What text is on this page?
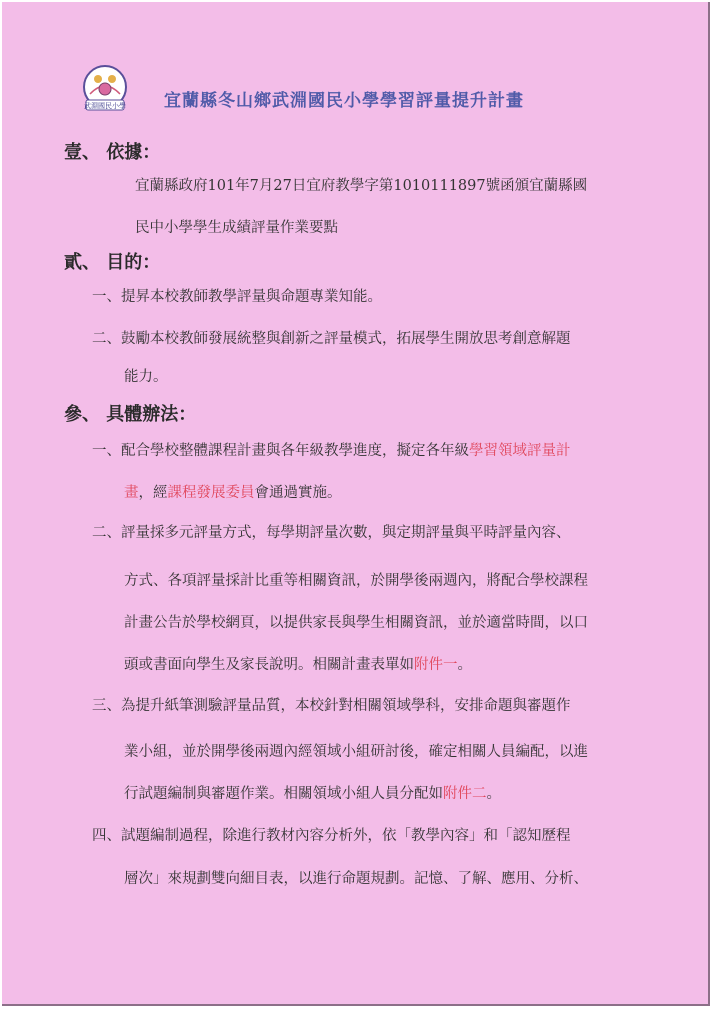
武淵國民小學 宜蘭縣冬山鄉武淵國民小學學習評量提升計畫
壹、 依據：
宜蘭縣政府101年7月27日宜府教學字第1010111897號函頒宜蘭縣國
民中小學學生成績評量作業要點
貳、 目的：
一、提昇本校教師教學評量與命題專業知能。
二、鼓勵本校教師發展統整與創新之評量模式，拓展學生開放思考創意解題
能力。
參、 具體辦法：
一、配合學校整體課程計畫與各年級教學進度，擬定各年級學習領域評量計
畫，經課程發展委員會通過實施。
二、評量採多元評量方式，每學期評量次數，與定期評量與平時評量內容、
方式、各項評量採計比重等相關資訊，於開學後兩週內，將配合學校課程
計畫公告於學校網頁，以提供家長與學生相關資訊，並於適當時間，以口
頭或書面向學生及家長說明。相關計畫表單如附件一。
三、為提升紙筆測驗評量品質，本校針對相關領域學科，安排命題與審題作
業小組，並於開學後兩週內經領域小組研討後，確定相關人員編配，以進
行試題編制與審題作業。相關領域小組人員分配如附件二。
四、試題編制過程，除進行教材內容分析外，依「教學內容」和「認知歷程
層次」來規劃雙向細目表，以進行命題規劃。記憶、了解、應用、分析、
